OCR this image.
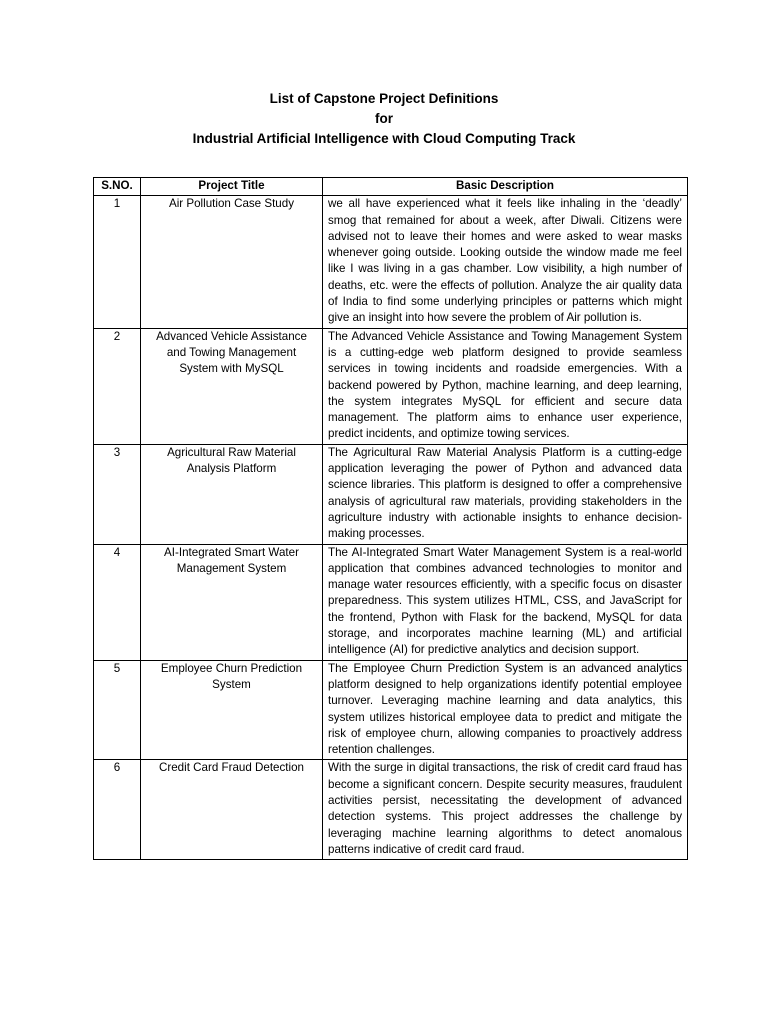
List of Capstone Project Definitions
for
Industrial Artificial Intelligence with Cloud Computing Track
S.NO.	Project Title	Basic Description
1	Air Pollution Case Study	we all have experienced what it feels like inhaling in the ‘deadly’ smog that remained for about a week, after Diwali. Citizens were advised not to leave their homes and were asked to wear masks whenever going outside. Looking outside the window made me feel like I was living in a gas chamber. Low visibility, a high number of deaths, etc. were the effects of pollution. Analyze the air quality data of India to find some underlying principles or patterns which might give an insight into how severe the problem of Air pollution is.
2	Advanced Vehicle Assistance and Towing Management System with MySQL	The Advanced Vehicle Assistance and Towing Management System is a cutting-edge web platform designed to provide seamless services in towing incidents and roadside emergencies. With a backend powered by Python, machine learning, and deep learning, the system integrates MySQL for efficient and secure data management. The platform aims to enhance user experience, predict incidents, and optimize towing services.
3	Agricultural Raw Material Analysis Platform	The Agricultural Raw Material Analysis Platform is a cutting-edge application leveraging the power of Python and advanced data science libraries. This platform is designed to offer a comprehensive analysis of agricultural raw materials, providing stakeholders in the agriculture industry with actionable insights to enhance decision-making processes.
4	AI-Integrated Smart Water Management System	The AI-Integrated Smart Water Management System is a real-world application that combines advanced technologies to monitor and manage water resources efficiently, with a specific focus on disaster preparedness. This system utilizes HTML, CSS, and JavaScript for the frontend, Python with Flask for the backend, MySQL for data storage, and incorporates machine learning (ML) and artificial intelligence (AI) for predictive analytics and decision support.
5	Employee Churn Prediction System	The Employee Churn Prediction System is an advanced analytics platform designed to help organizations identify potential employee turnover. Leveraging machine learning and data analytics, this system utilizes historical employee data to predict and mitigate the risk of employee churn, allowing companies to proactively address retention challenges.
6	Credit Card Fraud Detection	With the surge in digital transactions, the risk of credit card fraud has become a significant concern. Despite security measures, fraudulent activities persist, necessitating the development of advanced detection systems. This project addresses the challenge by leveraging machine learning algorithms to detect anomalous patterns indicative of credit card fraud.
